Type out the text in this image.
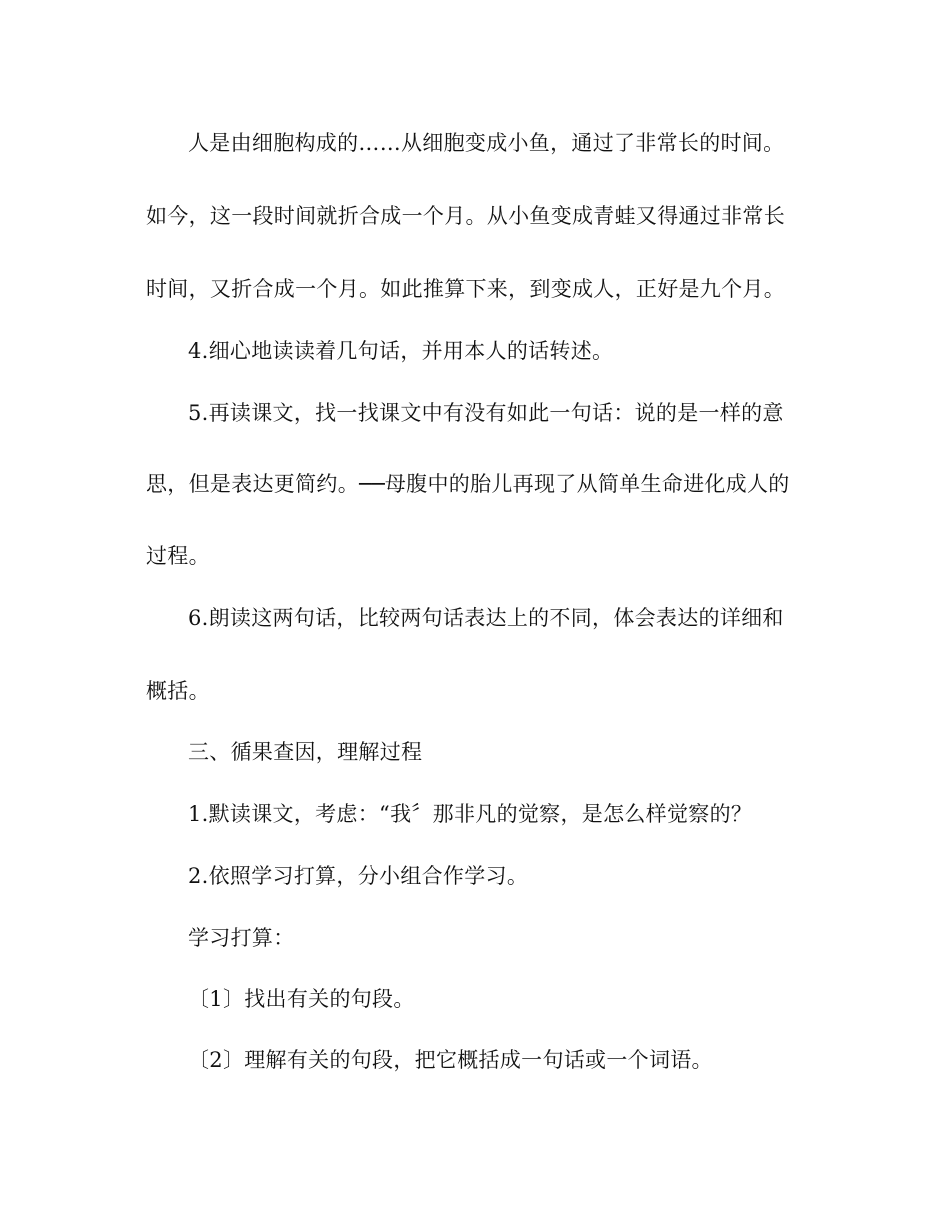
人是由细胞构成的……从细胞变成小鱼，通过了非常长的时间。
如今，这一段时间就折合成一个月。从小鱼变成青蛙又得通过非常长
时间，又折合成一个月。如此推算下来，到变成人，正好是九个月。
4.细心地读读着几句话，并用本人的话转述。
5.再读课文，找一找课文中有没有如此一句话：说的是一样的意
思，但是表达更简约。──母腹中的胎儿再现了从简单生命进化成人的
过程。
6.朗读这两句话，比较两句话表达上的不同，体会表达的详细和
概括。
三、循果查因，理解过程
1.默读课文，考虑：“我〞那非凡的觉察，是怎么样觉察的？
2.依照学习打算，分小组合作学习。
学习打算：
〔1〕找出有关的句段。
〔2〕理解有关的句段，把它概括成一句话或一个词语。
